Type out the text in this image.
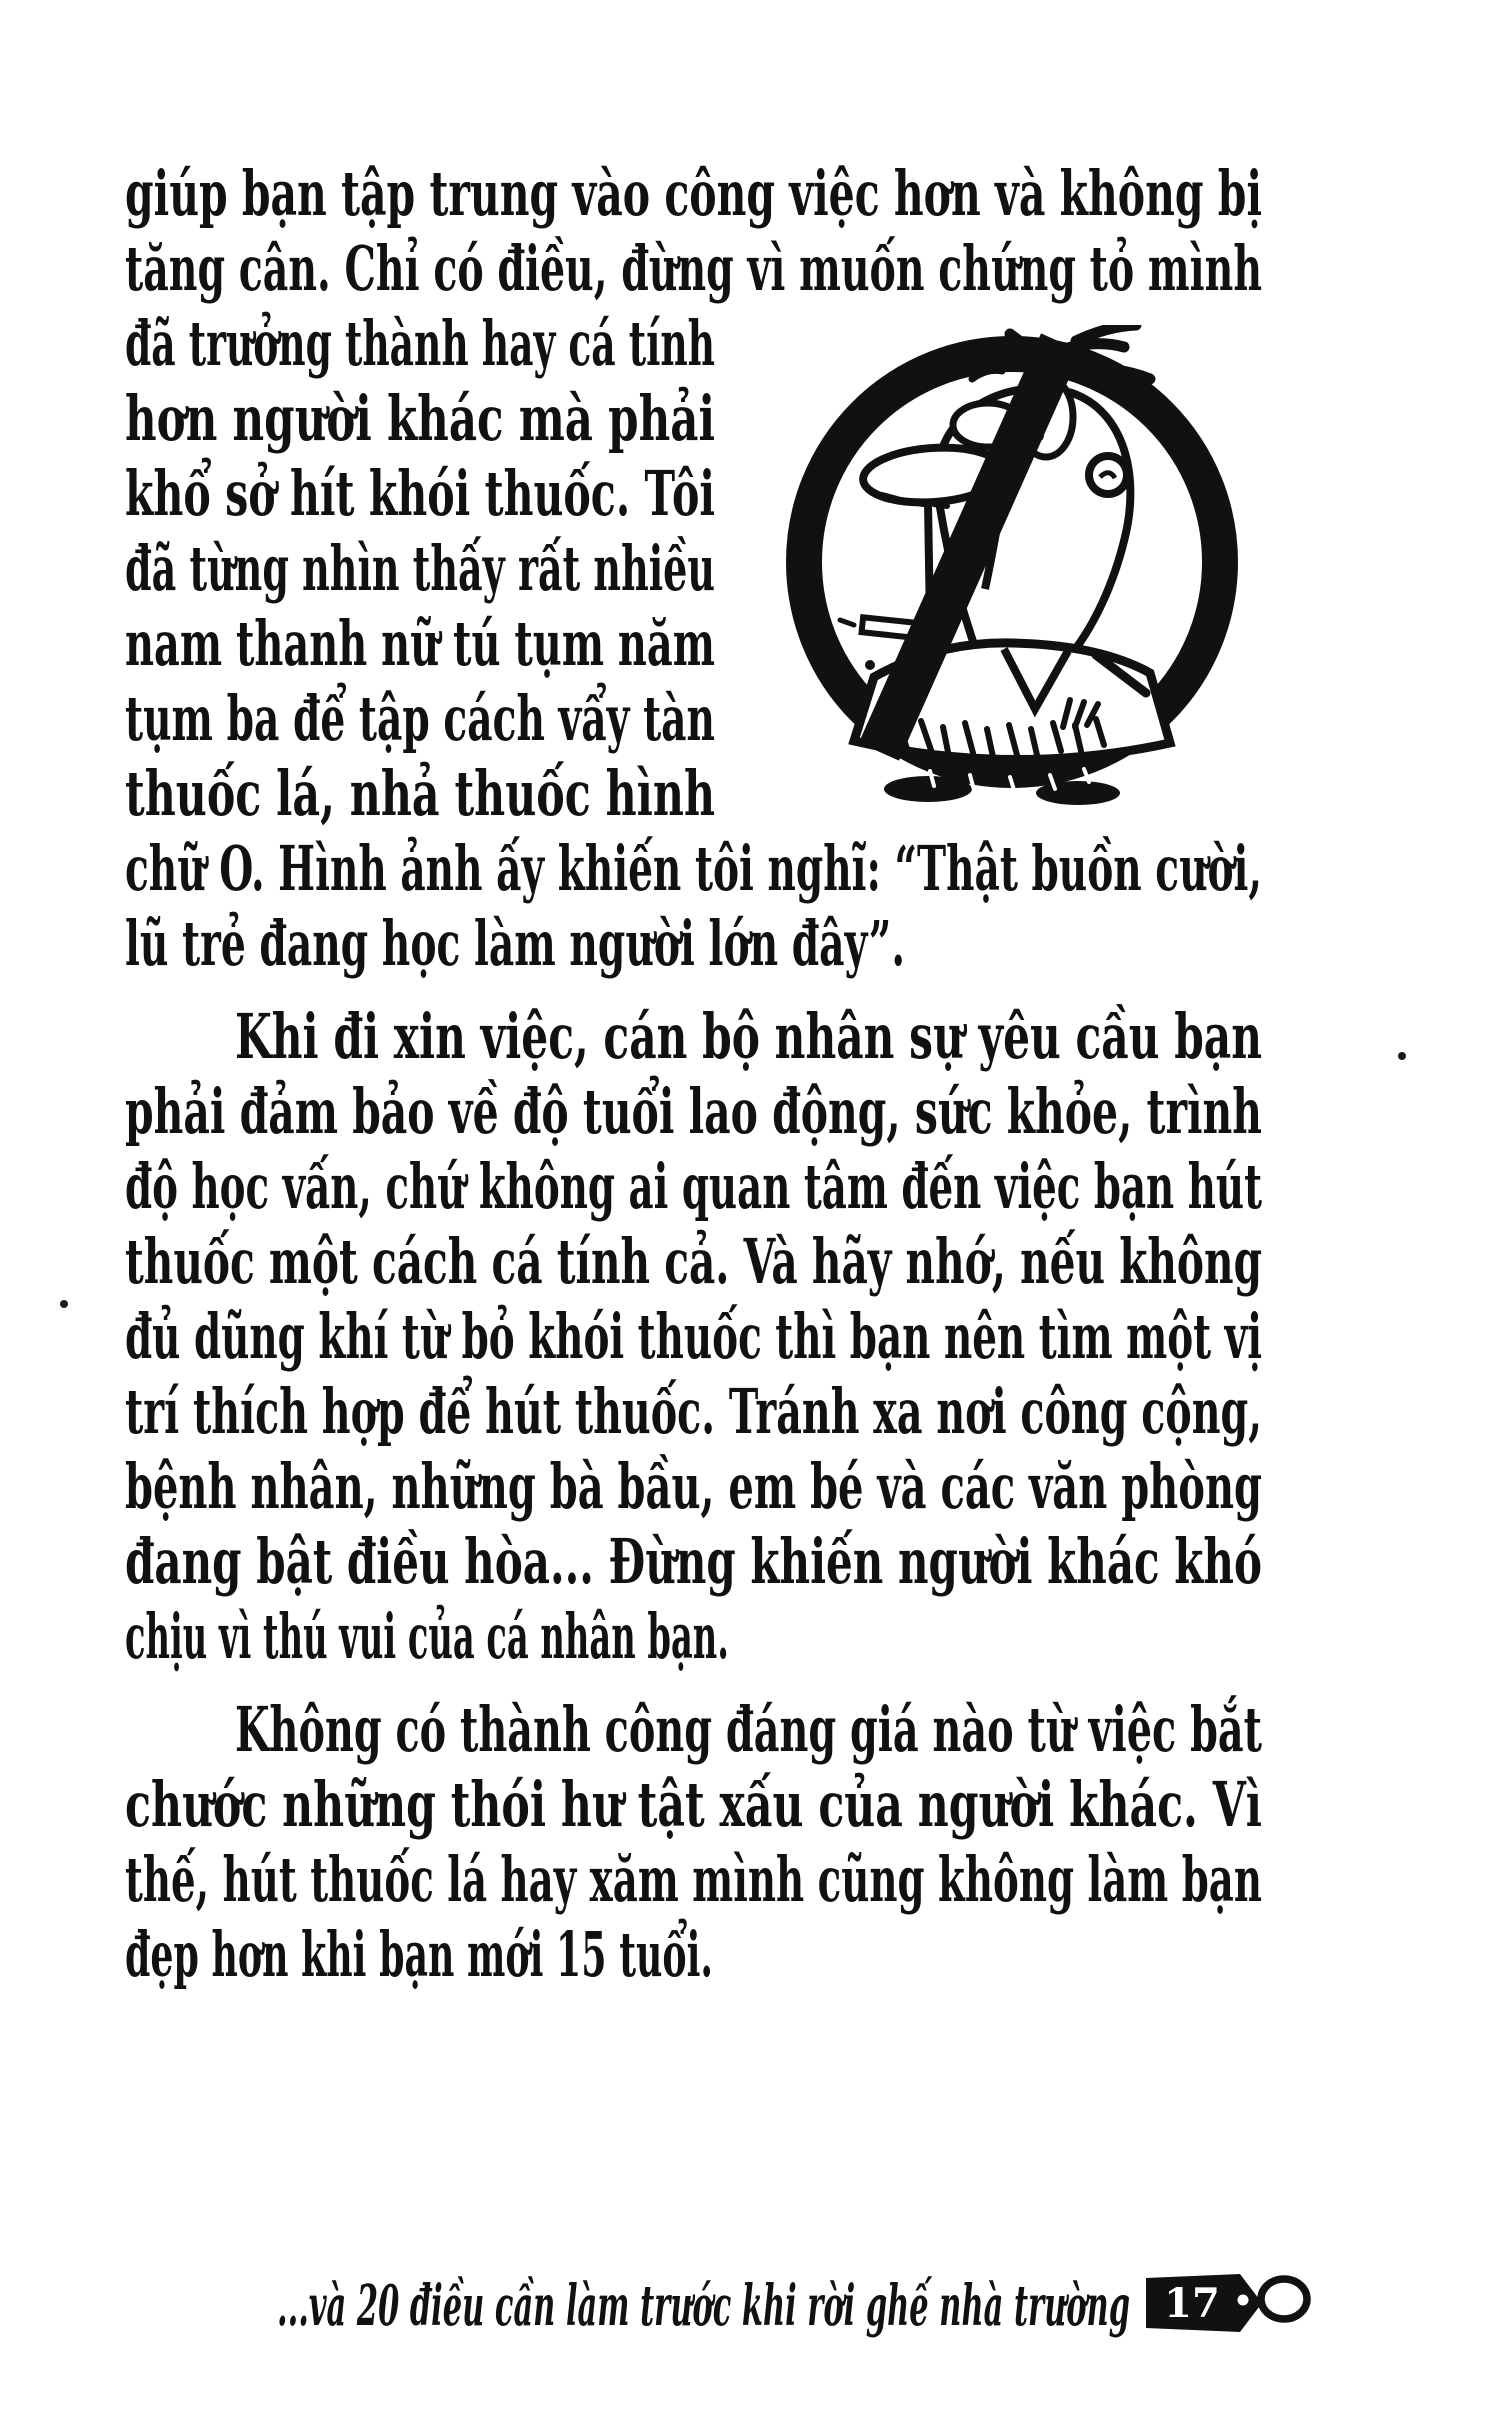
giúp bạn tập trung vào công việc hơn và không bị
tăng cân. Chỉ có điều, đừng vì muốn chứng tỏ mình
đã trưởng thành hay cá tính
hơn người khác mà phải
khổ sở hít khói thuốc. Tôi
đã từng nhìn thấy rất nhiều
nam thanh nữ tú tụm năm
tụm ba để tập cách vẩy tàn
thuốc lá, nhả thuốc hình
chữ O. Hình ảnh ấy khiến tôi nghĩ: “Thật buồn cười,
lũ trẻ đang học làm người lớn đây”.
Khi đi xin việc, cán bộ nhân sự yêu cầu bạn
phải đảm bảo về độ tuổi lao động, sức khỏe, trình
độ học vấn, chứ không ai quan tâm đến việc bạn hút
thuốc một cách cá tính cả. Và hãy nhớ, nếu không
đủ dũng khí từ bỏ khói thuốc thì bạn nên tìm một vị
trí thích hợp để hút thuốc. Tránh xa nơi công cộng,
bệnh nhân, những bà bầu, em bé và các văn phòng
đang bật điều hòa... Đừng khiến người khác khó
chịu vì thú vui của cá nhân bạn.
Không có thành công đáng giá nào từ việc bắt
chước những thói hư tật xấu của người khác. Vì
thế, hút thuốc lá hay xăm mình cũng không làm bạn
đẹp hơn khi bạn mới 15 tuổi.
...và 20 điều cần làm trước khi rời ghế nhà trường 17
